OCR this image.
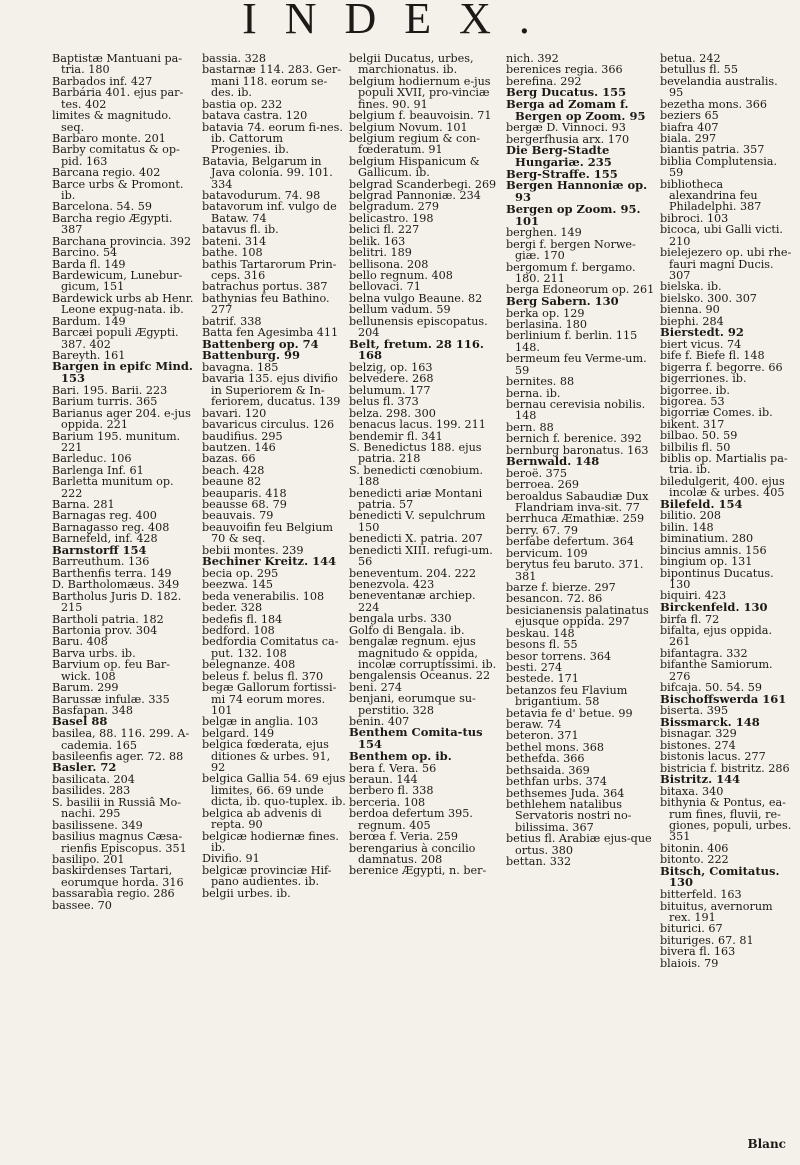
INDEX.

Baptistæ Mantuani pa-tria. 180

Barbados inf. 427

Barbária 401. ejus par-tes. 402

limites & magnitudo. seq.

Barbaro monte. 201

Barby comitatus & op-pid. 163

Barcana regio. 402

Barce urbs & Promont. ib.

Barcelona. 54. 59

Barcha regio Ægypti. 387

Barchana provincia. 392

Barcino. 54

Barda fl. 149

Bardewicum, Lunebur-gicum, 151

Bardewick urbs ab Henr. Leone expug-nata. ib.

Bardum. 149

Barcæi populi Ægypti. 387. 402

Bareyth. 161

Bargen in epifc Mind. 153

Bari. 195. Barii. 223

Barium turris. 365

Barianus ager 204. e-jus oppida. 221

Barium 195. munitum. 221

Barleduc. 106

Barlenga Inf. 61

Barletta munitum op. 222

Barna. 281

Barnagas reg. 400

Barnagasso reg. 408

Barnefeld, inf. 428

Barnstorff 154

Barreuthum. 136

Barthenfis terra. 149

D. Bartholomæus. 349

Bartholus Juris D. 182. 215

Bartholi patria. 182

Bartonia prov. 304

Baru. 408

Barva urbs. ib.

Barvium op. feu Bar-wick. 108

Barum. 299

Barussæ infulæ. 335

Basfapan. 348

Basel 88

basilea, 88. 116. 299. A-cademia. 165

basileenfis ager. 72. 88

Basler. 72

basilicata. 204

basilides. 283

S. basilii in Russiâ Mo-nachi. 295

basilissene. 349

basilius magnus Cæsa-rienfis Episcopus. 351

basilipo. 201

baskirdenses Tartari, eorumque horda. 316

bassarabia regio. 286

bassee. 70

bassia. 328

bastarnæ 114. 283. Ger-mani 118. eorum se-des. ib.

bastia op. 232

batava castra. 120

batavia 74. eorum fi-nes. ib. Cattorum Progenies. ib.

Batavia, Belgarum in Java colonia. 99. 101. 334

batavodurum. 74. 98

batavorum inf. vulgo de Bataw. 74

batavus fl. ib.

bateni. 314

bathe. 108

bathis Tartarorum Prin-ceps. 316

batrachus portus. 387

bathynias feu Bathino. 277

batrif. 338

Batta fen Agesimba 411

Battenberg op. 74

Battenburg. 99

bavagna. 185

bavaria 135. ejus divifio in Superiorem & In-feriorem, ducatus. 139

bavari. 120

bavaricus circulus. 126

baudifius. 295

bautzen. 146

bazas. 66

beach. 428

beaune 82

beauparis. 418

beausse 68. 79

beauvais. 79

beauvoifin feu Belgium 70 & seq.

bebii montes. 239

Bechiner Kreitz. 144

becia op. 295

beezwa. 145

beda venerabilis. 108

beder. 328

bedefis fl. 184

bedford. 108

bedfordia Comitatus ca-put. 132. 108

belegnanze. 408

beleus f. belus fl. 370

begæ Gallorum fortissi-mi 74 eorum mores. 101

belgæ in anglia. 103

belgard. 149

belgica fœderata, ejus ditiones & urbes. 91, 92

belgica Gallia 54. 69 ejus limites, 66. 69 unde dicta, ib. quo-tuplex. ib.

belgica ab advenis di repta. 90

belgicæ hodiernæ fines. ib.

Divifio. 91

belgicæ provinciæ Hif-pano audientes. ib.

belgii urbes. ib.

belgii Ducatus, urbes, marchionatus. ib.

belgium hodiernum e-jus populi XVII, pro-vinciæ fines. 90. 91

belgium f. beauvoisin. 71

belgium Novum. 101

belgium regium & con-fœderatum. 91

belgium Hispanicum & Gallicum. ib.

belgrad Scanderbegi. 269

belgrad Pannoniæ. 234

belgradum. 279

belicastro. 198

belici fl. 227

belik. 163

belitri. 189

bellisona. 208

bello regnum. 408

bellovaci. 71

belna vulgo Beaune. 82

bellum vadum. 59

bellunensis episcopatus. 204

Belt, fretum. 28 116. 168

belzig, op. 163

belvedere. 268

belumum. 177

belus fl. 373

belza. 298. 300

benacus lacus. 199. 211

bendemir fl. 341

S. Benedictus 188. ejus patria. 218

S. benedicti cœnobium. 188

benedicti ariæ Montani patria. 57

benedicti V. sepulchrum 150

benedicti X. patria. 207

benedicti XIII. refugi-um. 56

beneventum. 204. 222

benezvola. 423

beneventanæ archiep. 224

bengala urbs. 330

Golfo di Bengala. ib.

bengalæ regnum. ejus magnitudo & oppida, incolæ corruptissimi. ib.

bengalensis Oceanus. 22

beni. 274

benjani, eorumque su-perstitio. 328

benin. 407

Benthem Comita-tus 154

Benthem op. ib.

bera f. Vera. 56

beraun. 144

berbero fl. 338

berceria. 108

berdoa defertum 395. regnum. 405

berœa f. Veria. 259

berengarius à concilio damnatus. 208

berenice Ægypti, n. ber-

nich. 392

berenices regia. 366

berefina. 292

Berg Ducatus. 155

Berga ad Zomam f. Bergen op Zoom. 95

bergæ D. Vinnoci. 93

bergerfhusia arx. 170

Die Berg-Stadte Hungariæ. 235

Berg-Straffe. 155

Bergen Hannoniæ op. 93

Bergen op Zoom. 95. 101

berghen. 149

bergi f. bergen Norwe-giæ. 170

bergomum f. bergamo. 180. 211

berga Edoneorum op. 261

Berg Sabern. 130

berka op. 129

berlasina. 180

berlinium f. berlin. 115 148.

bermeum feu Verme-um. 59

bernites. 88

berna. ib.

bernau cerevisia nobilis. 148

bern. 88

bernich f. berenice. 392

bernburg baronatus. 163

Bernwald. 148

beroë. 375

berroea. 269

beroaldus Sabaudiæ Dux Flandriam inva-sit. 77

berrhuca Æmathiæ. 259

berry. 67. 79

berfabe defertum. 364

bervicum. 109

berytus feu baruto. 371. 381

barze f. bierze. 297

besancon. 72. 86

besicianensis palatinatus ejusque oppida. 297

beskau. 148

besons fl. 55

besor torrens. 364

besti. 274

bestede. 171

betanzos feu Flavium brigantium. 58

betavia fe d' betue. 99

beraw. 74

beteron. 371

bethel mons. 368

bethefda. 366

bethsaida. 369

bethfan urbs. 374

bethsemes Juda. 364

bethlehem natalibus Servatoris nostri no-bilissima. 367

betius fl. Arabiæ ejus-que ortus. 380

bettan. 332

betua. 242

betullus fl. 55

bevelandia australis. 95

bezetha mons. 366

beziers 65

biafra 407

biala. 297

biantis patria. 357

biblia Complutensia. 59

bibliotheca alexandrina feu Philadelphi. 387

bibroci. 103

bicoca, ubi Galli victi. 210

bielejezero op. ubi rhe-fauri magni Ducis. 307

bielska. ib.

bielsko. 300. 307

bienna. 90

biephi. 284

Bierstedt. 92

biert vicus. 74

bife f. Biefe fl. 148

bigerra f. begorre. 66

bigerriones. ib.

bigorree. ib.

bigorea. 53

bigorriæ Comes. ib.

bikent. 317

bilbao. 50. 59

bilbilis fl. 50

biblis op. Martialis pa-tria. ib.

biledulgerit, 400. ejus incolæ & urbes. 405

Bilefeld. 154

bilitio. 208

bilin. 148

biminatium. 280

bincius amnis. 156

bingium op. 131

bipontinus Ducatus. 130

biquiri. 423

Birckenfeld. 130

birfa fl. 72

bifalta, ejus oppida. 261

bifantagra. 332

bifanthe Samiorum. 276

bifcaja. 50. 54. 59

Bischoffswerda 161

biserta. 395

Bissmarck. 148

bisnagar. 329

bistones. 274

bistonis lacus. 277

bistricia f. bistritz. 286

Bistritz. 144

bitaxa. 340

bithynia & Pontus, ea-rum fines, fluvii, re-giones, populi, urbes. 351

bitonin. 406

bitonto. 222

Bitsch, Comitatus. 130

bitterfeld. 163

bituitus, avernorum rex. 191

biturici. 67

bituriges. 67. 81

bivera fl. 163

blaiois. 79

Blanc
